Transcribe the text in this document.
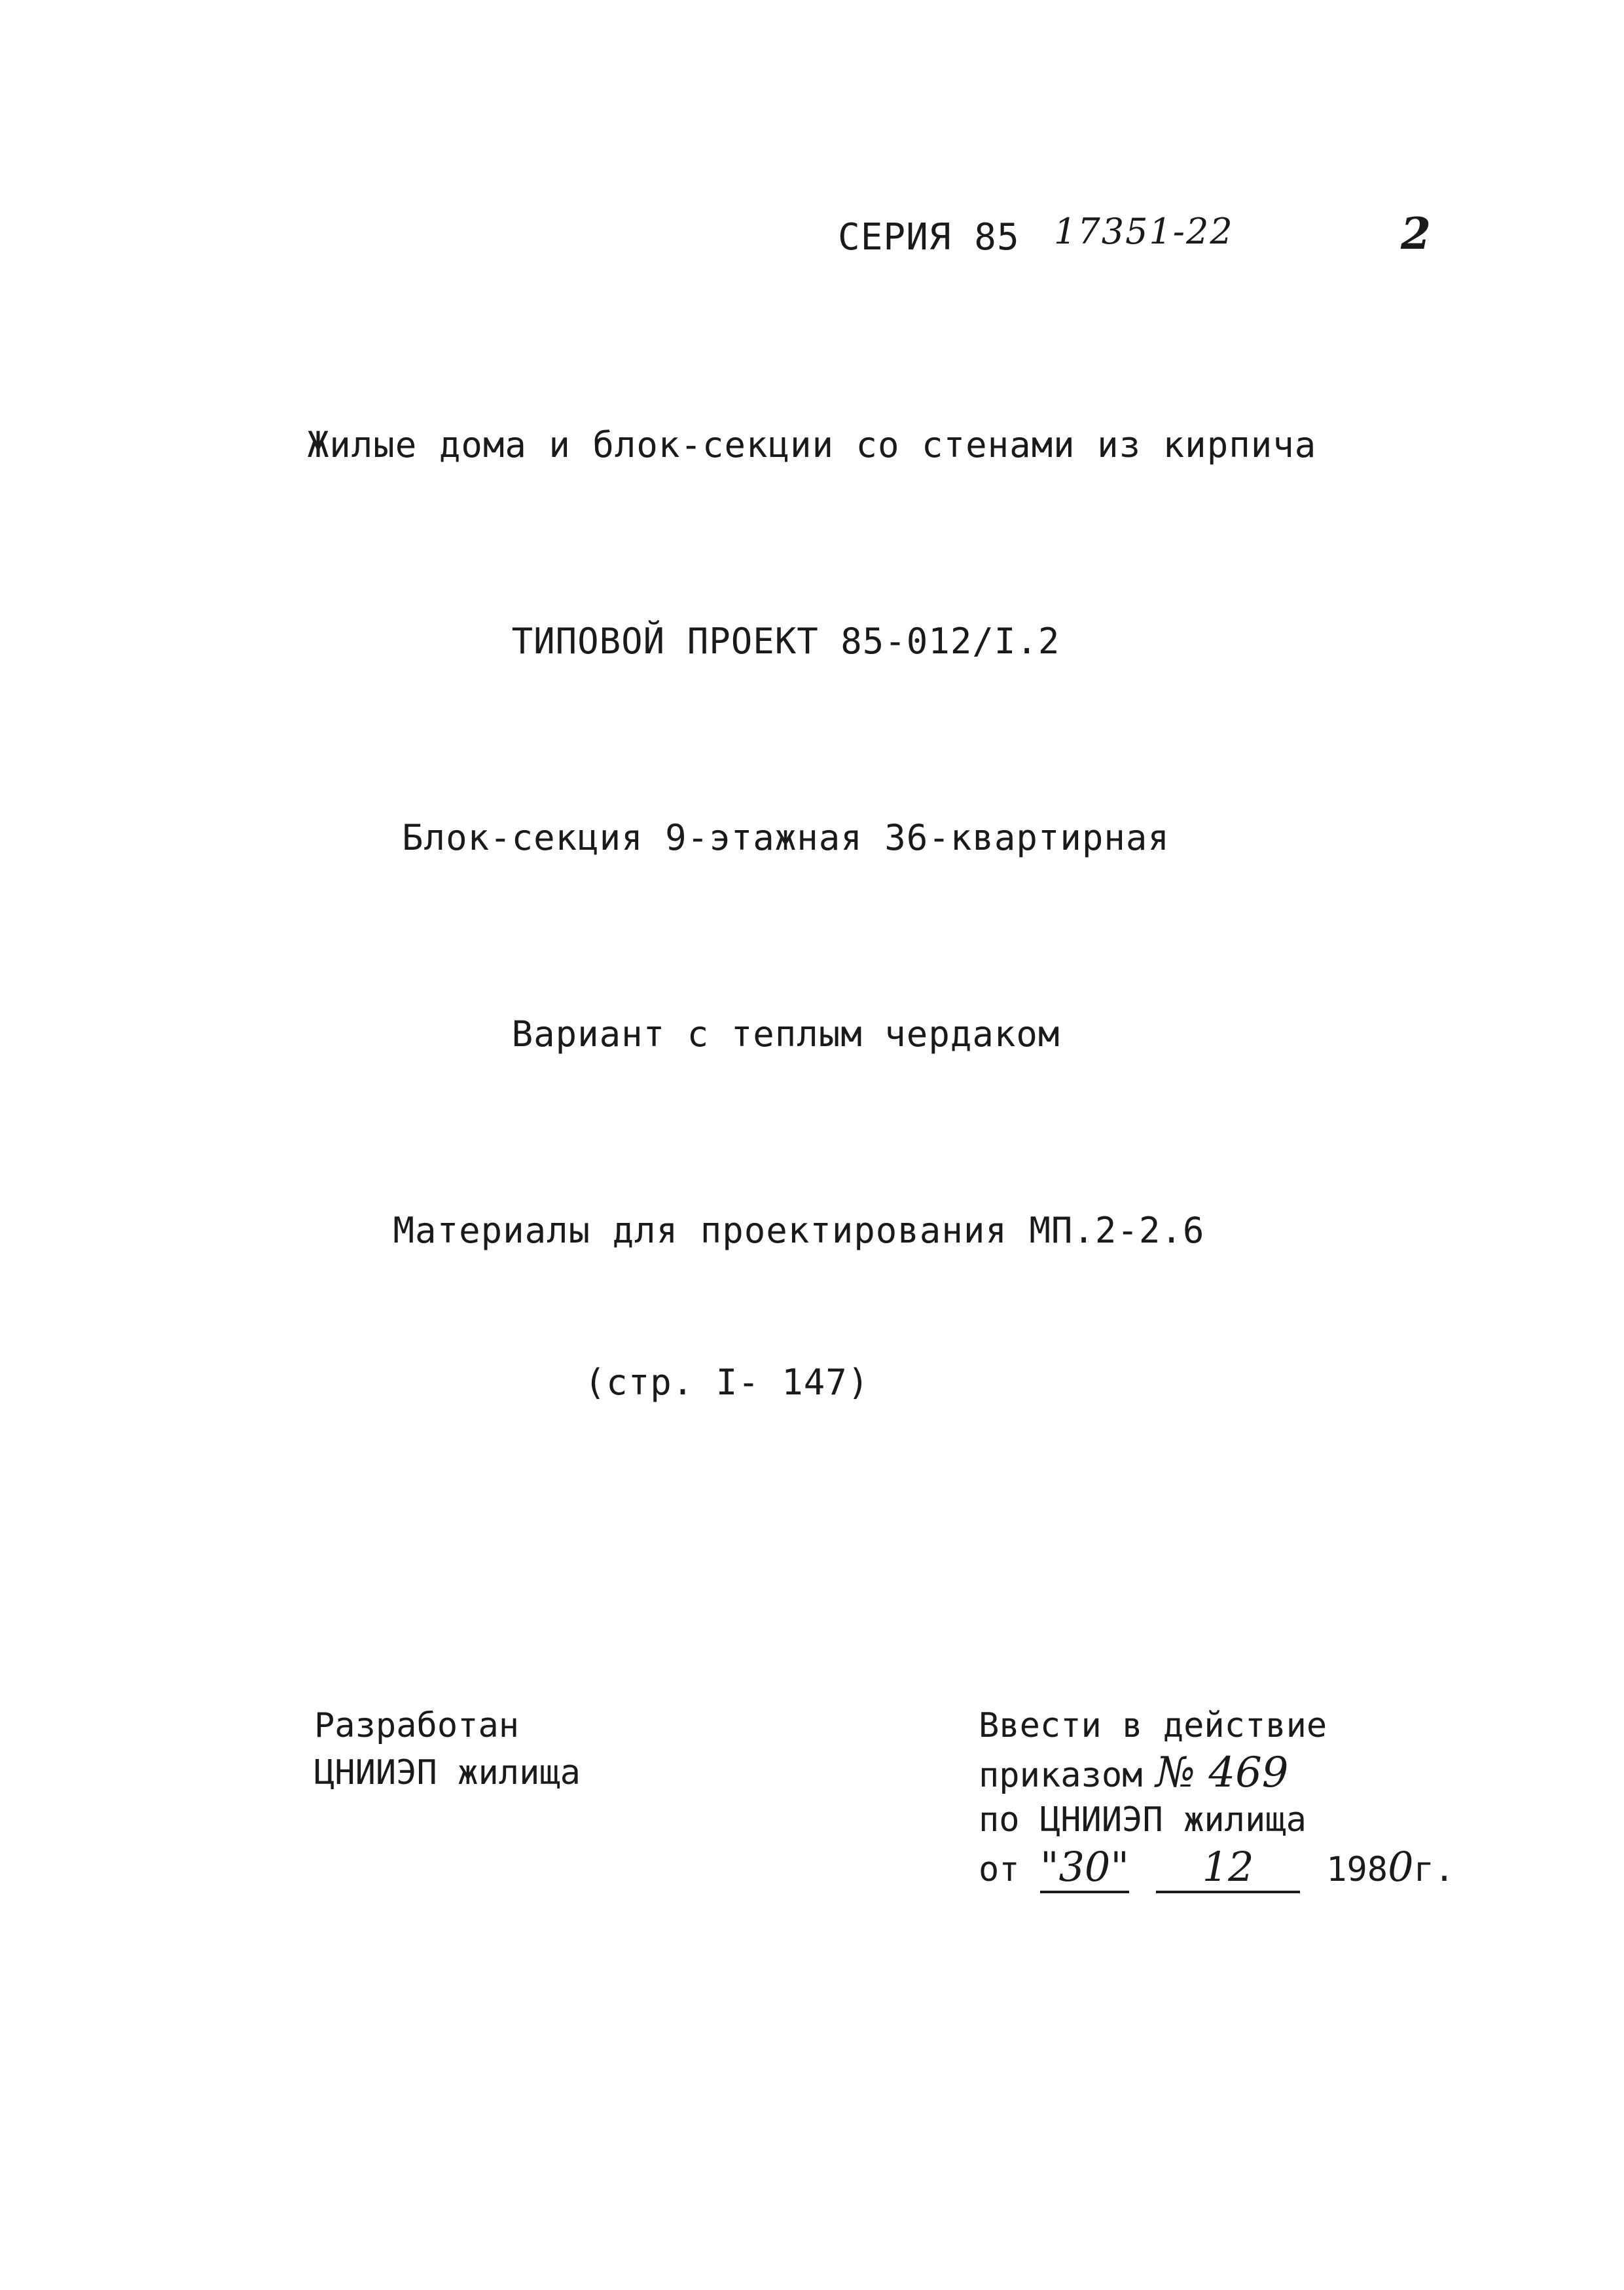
СЕРИЯ 85 17351-22	2
Жилые дома и блок-секции со стенами из кирпича
ТИПОВОЙ ПРОЕКТ 85-012/I.2
Блок-секция 9-этажная 36-квартирная
Вариант с теплым чердаком
Материалы для проектирования МП.2-2.6
(стр. I- 147)
Разработан
ЦНИИЭП жилища
Ввести в действие
приказом № 469
по ЦНИИЭП жилища
от "30" 12 1980г.
